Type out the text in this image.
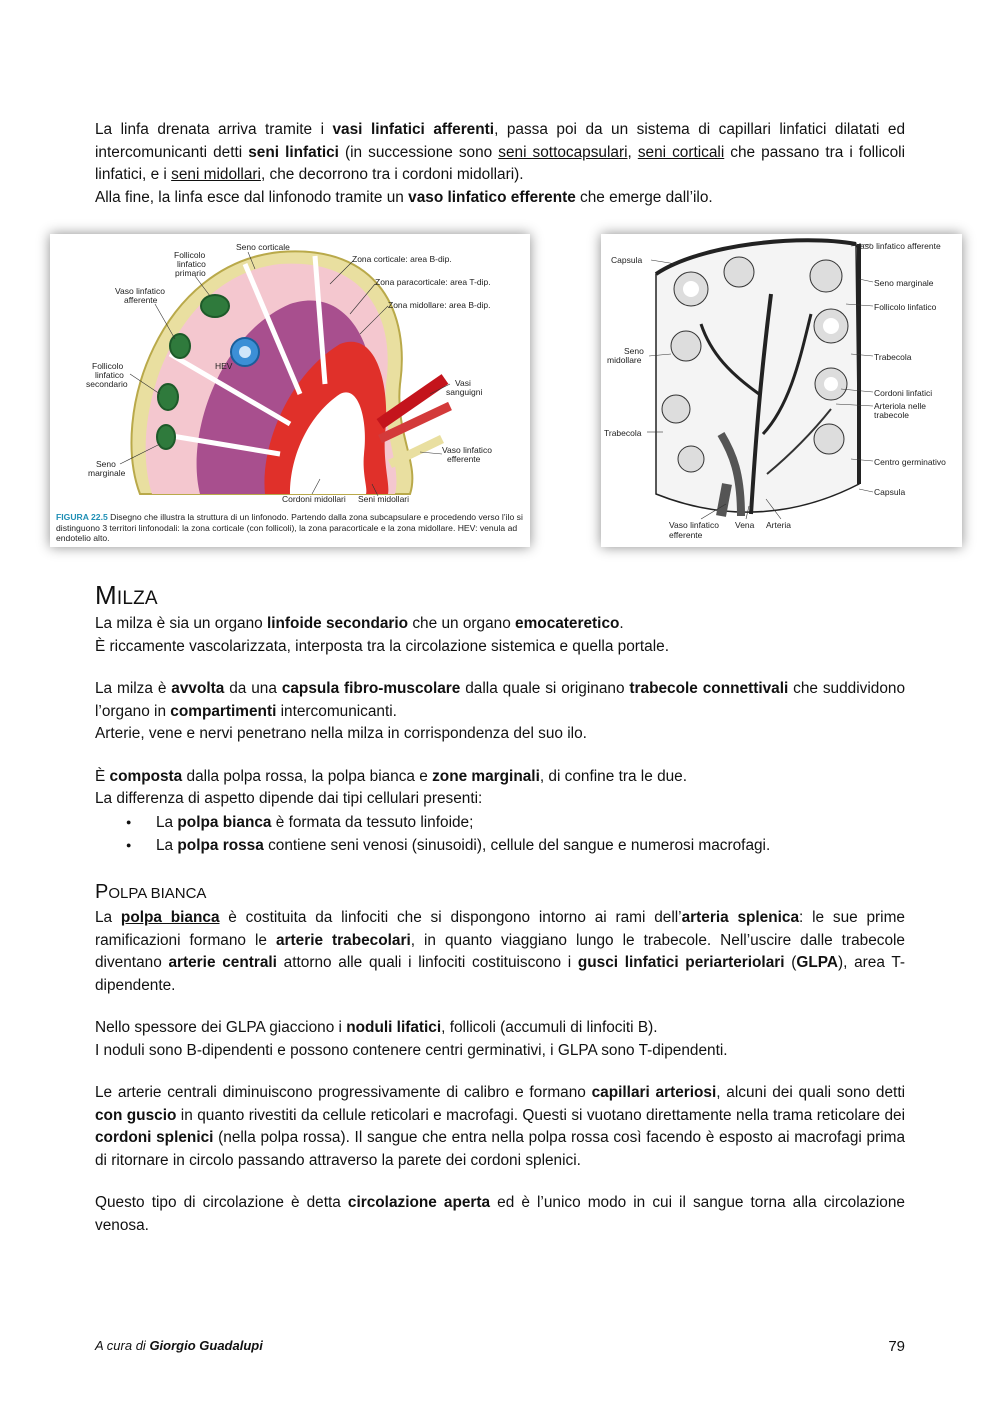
La linfa drenata arriva tramite i vasi linfatici afferenti, passa poi da un sistema di capillari linfatici dilatati ed intercomunicanti detti seni linfatici (in successione sono seni sottocapsulari, seni corticali che passano tra i follicoli linfatici, e i seni midollari, che decorrono tra i cordoni midollari).

Alla fine, la linfa esce dal linfonodo tramite un vaso linfatico efferente che emerge dall’ilo.

Seno corticale
Follicolo
linfatico
primario
Vaso linfatico
afferente
Follicolo
linfatico
secondario
HEV
Seno
marginale
Zona corticale: area B-dip.
Zona paracorticale: area T-dip.
Zona midollare: area B-dip.
Vasi
sanguigni
Vaso linfatico
efferente
Cordoni midollari Seni midollari
FIGURA 22.5 Disegno che illustra la struttura di un linfonodo. Partendo dalla zona subcapsulare e procedendo verso l’ilo si distinguono 3 territori linfonodali: la zona corticale (con follicoli), la zona paracorticale e la zona midollare. HEV: venula ad endotelio alto.
Capsula
Vaso linfatico afferente
Seno marginale
Follicolo linfatico
Seno
midollare	Trabecola
Cordoni linfatici
Arteriola nelle
trabecole
Trabecola
Centro germinativo
Capsula
Vaso linfatico
efferente
Vena Arteria
MILZA

La milza è sia un organo linfoide secondario che un organo emocateretico.
È riccamente vascolarizzata, interposta tra la circolazione sistemica e quella portale.

La milza è avvolta da una capsula fibro-muscolare dalla quale si originano trabecole connettivali che suddividono l’organo in compartimenti intercomunicanti.

Arterie, vene e nervi penetrano nella milza in corrispondenza del suo ilo.

È composta dalla polpa rossa, la polpa bianca e zone marginali, di confine tra le due.
La differenza di aspetto dipende dai tipi cellulari presenti:

● La polpa bianca è formata da tessuto linfoide;
● La polpa rossa contiene seni venosi (sinusoidi), cellule del sangue e numerosi macrofagi.
POLPA BIANCA

La polpa bianca è costituita da linfociti che si dispongono intorno ai rami dell’arteria splenica: le sue prime ramificazioni formano le arterie trabecolari, in quanto viaggiano lungo le trabecole. Nell’uscire dalle trabecole diventano arterie centrali attorno alle quali i linfociti costituiscono i gusci linfatici periarteriolari (GLPA), area T-dipendente.

Nello spessore dei GLPA giacciono i noduli lifatici, follicoli (accumuli di linfociti B).
I noduli sono B-dipendenti e possono contenere centri germinativi, i GLPA sono T-dipendenti.

Le arterie centrali diminuiscono progressivamente di calibro e formano capillari arteriosi, alcuni dei quali sono detti con guscio in quanto rivestiti da cellule reticolari e macrofagi. Questi si vuotano direttamente nella trama reticolare dei cordoni splenici (nella polpa rossa). Il sangue che entra nella polpa rossa così facendo è esposto ai macrofagi prima di ritornare in circolo passando attraverso la parete dei cordoni splenici.

Questo tipo di circolazione è detta circolazione aperta ed è l’unico modo in cui il sangue torna alla circolazione venosa.

A cura di Giorgio Guadalupi	79
